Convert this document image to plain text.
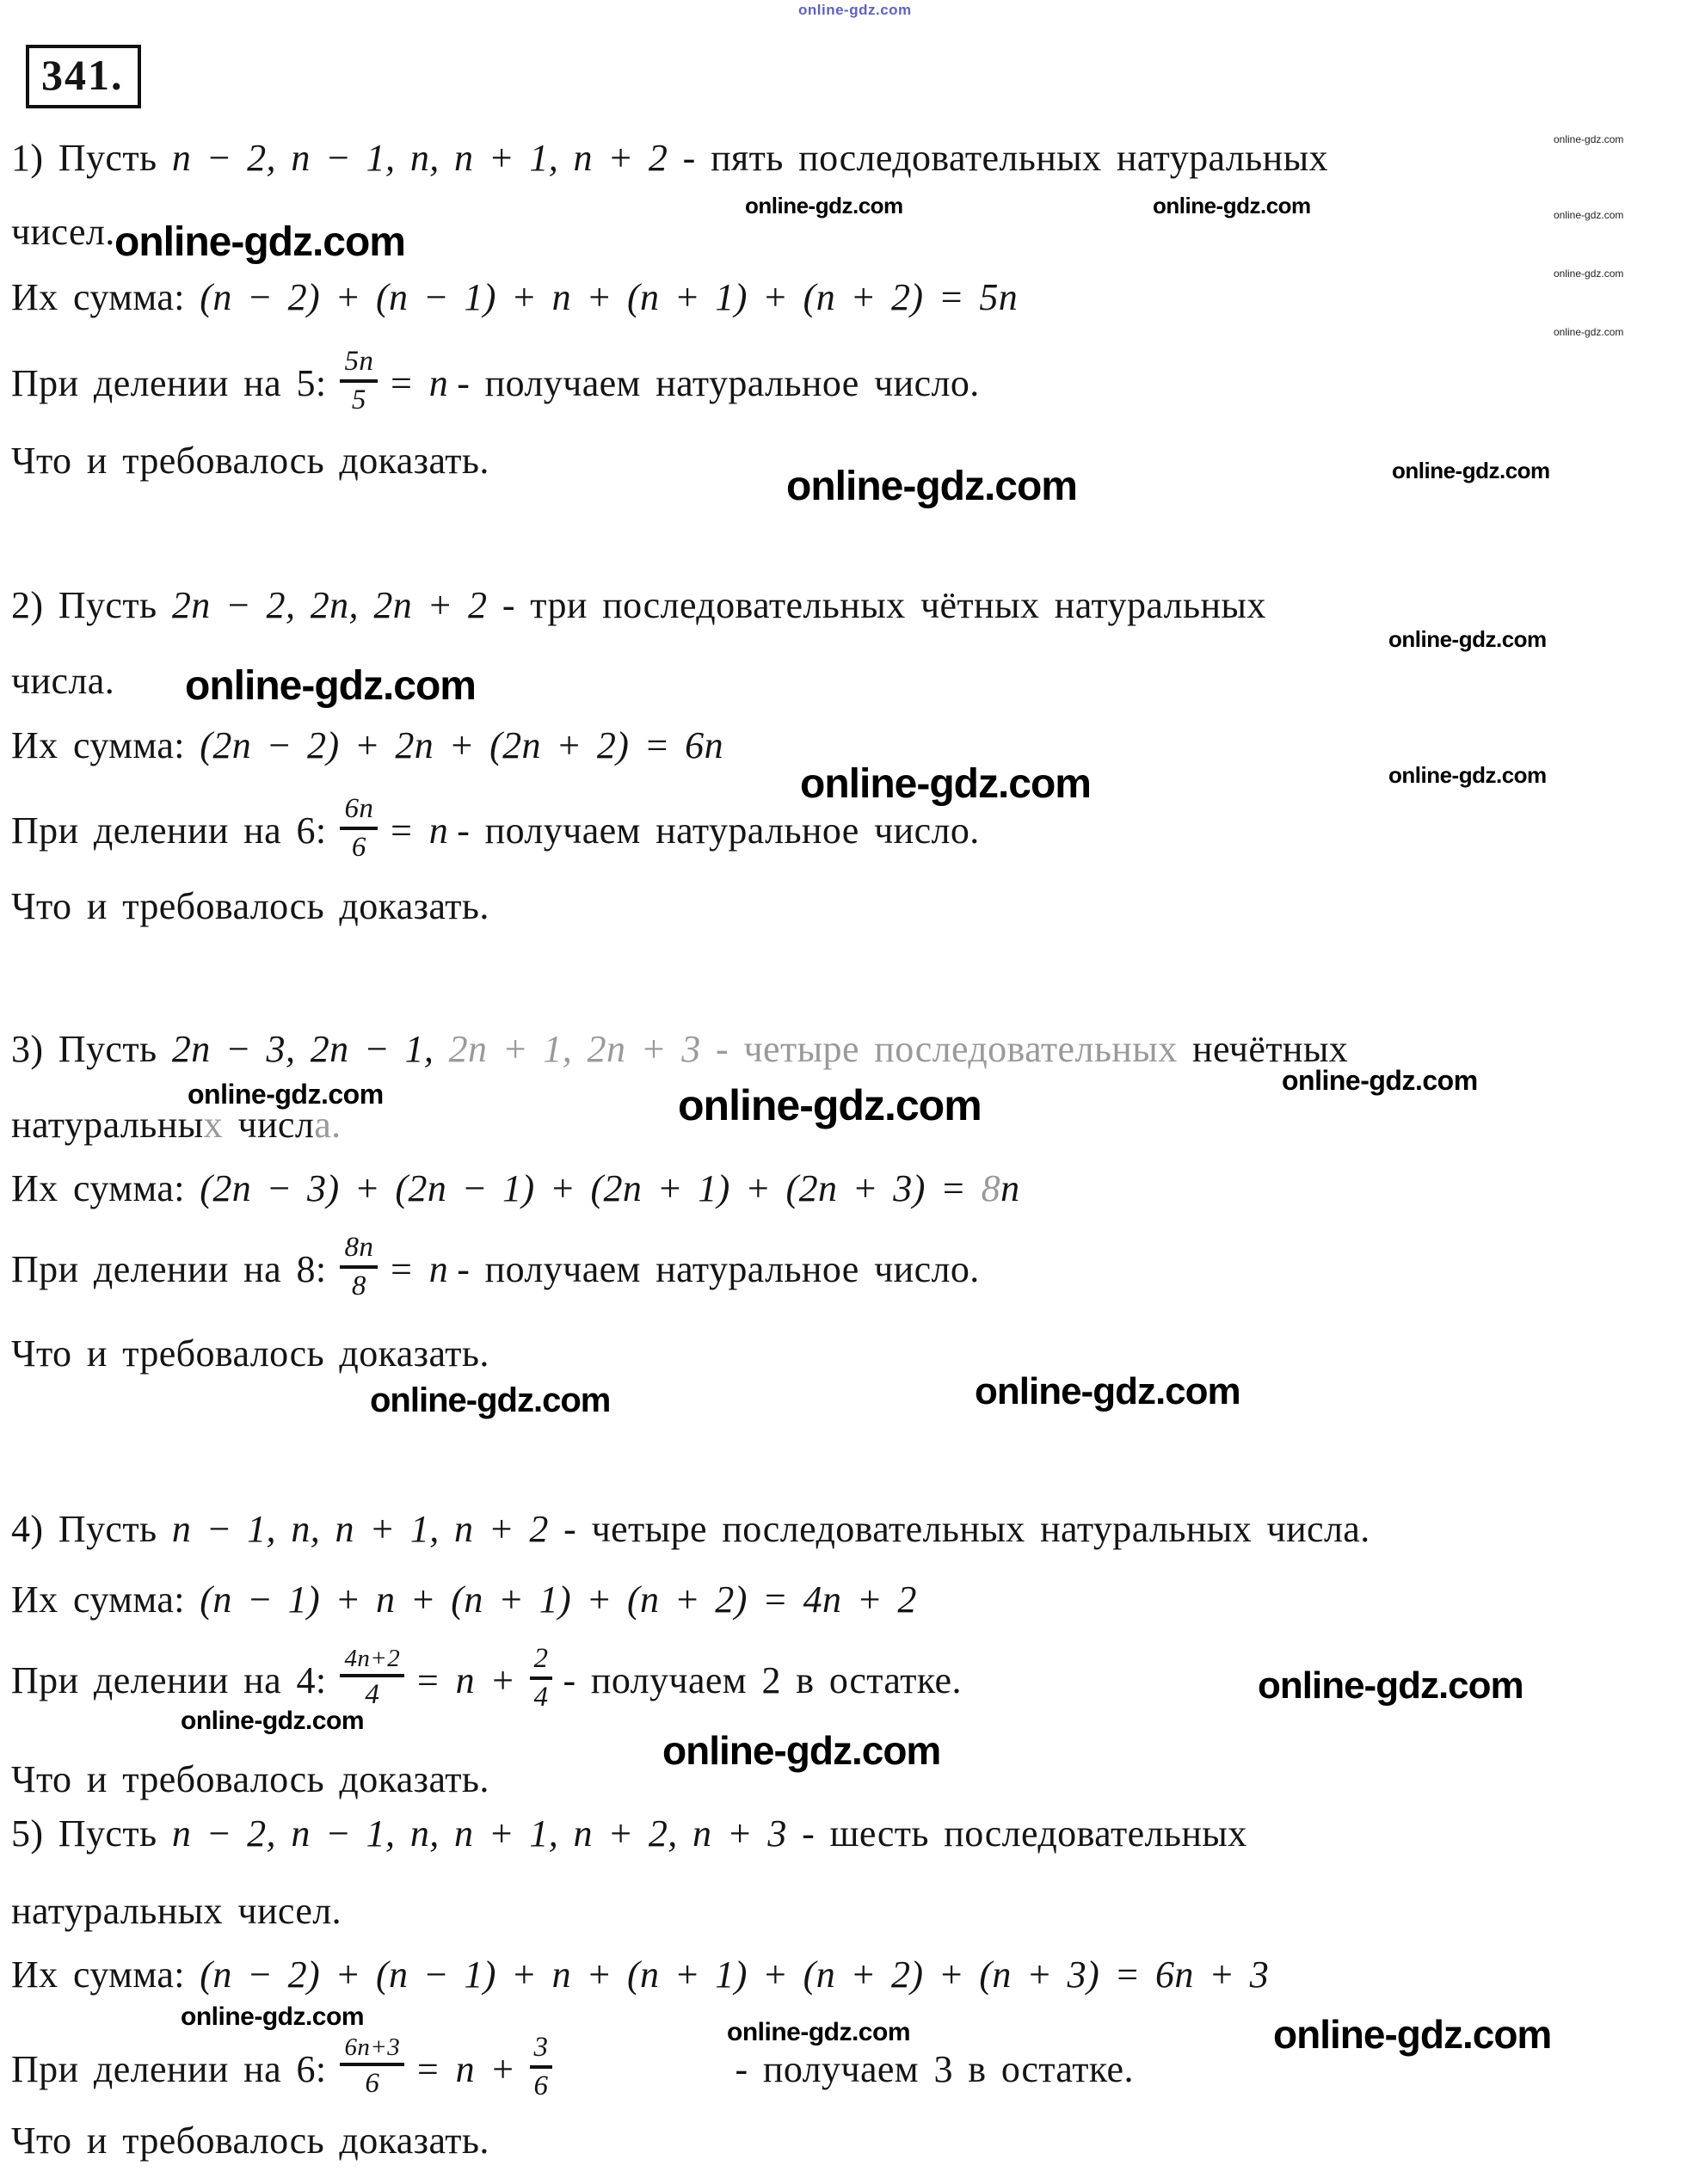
341.
online-gdz.com
online-gdz.com
online-gdz.com
online-gdz.com
online-gdz.com
online-gdz.com	online-gdz.com
online-gdz.com
online-gdz.com	online-gdz.com
online-gdz.com
online-gdz.com
online-gdz.com	online-gdz.com
online-gdz.com	online-gdz.com
online-gdz.com
online-gdz.com	online-gdz.com
online-gdz.com
online-gdz.com
online-gdz.com
online-gdz.com
online-gdz.com	online-gdz.com
1) Пусть n − 2, n − 1, n, n + 1, n + 2 - пять последовательных натуральных
чисел.
Их сумма: (n − 2) + (n − 1) + n + (n + 1) + (n + 2) = 5n
При делении на 5: $\frac{5n}{5} = n$ - получаем натуральное число.
Что и требовалось доказать.
2) Пусть 2n − 2, 2n, 2n + 2 - три последовательных чётных натуральных
числа.
Их сумма: (2n − 2) + 2n + (2n + 2) = 6n
При делении на 6: $\frac{6n}{6} = n$ - получаем натуральное число.
Что и требовалось доказать.
3) Пусть 2n − 3, 2n − 1, 2n + 1, 2n + 3 - четыре последовательных нечётных
натуральных числа.
Их сумма: (2n − 3) + (2n − 1) + (2n + 1) + (2n + 3) = 8n
При делении на 8: $\frac{8n}{8} = n$ - получаем натуральное число.
Что и требовалось доказать.
4) Пусть n − 1, n, n + 1, n + 2 - четыре последовательных натуральных числа.
Их сумма: (n − 1) + n + (n + 1) + (n + 2) = 4n + 2
При делении на 4: $\frac{4n+2}{4} = n + \frac{2}{4}$ - получаем 2 в остатке.
Что и требовалось доказать.
5) Пусть n − 2, n − 1, n, n + 1, n + 2, n + 3 - шесть последовательных
натуральных чисел.
Их сумма: (n − 2) + (n − 1) + n + (n + 1) + (n + 2) + (n + 3) = 6n + 3
При делении на 6: $\frac{6n+3}{6} = n + \frac{3}{6}$	- получаем 3 в остатке.
Что и требовалось доказать.
